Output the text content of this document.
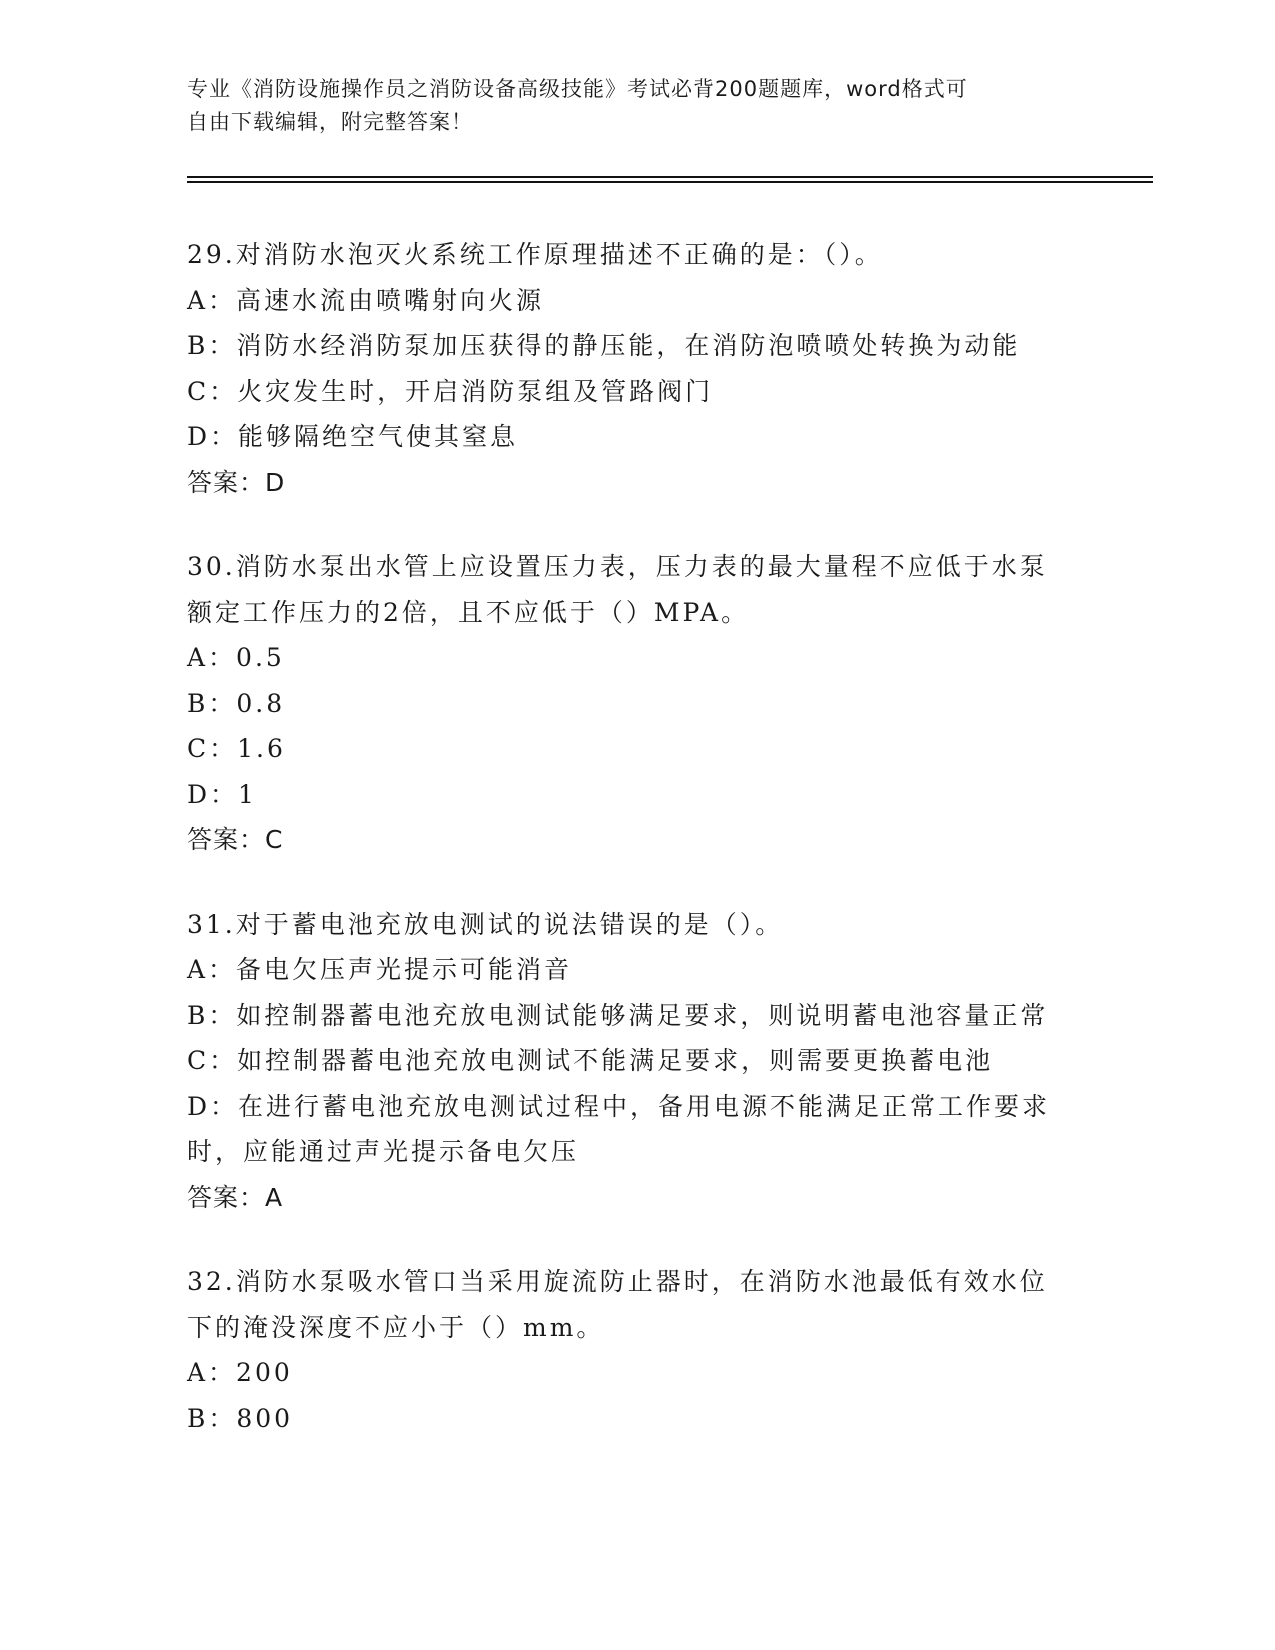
专业《消防设施操作员之消防设备高级技能》考试必背200题题库，word格式可
自由下载编辑，附完整答案！
29.对消防水泡灭火系统工作原理描述不正确的是：（）。
A：高速水流由喷嘴射向火源
B：消防水经消防泵加压获得的静压能，在消防泡喷喷处转换为动能
C：火灾发生时，开启消防泵组及管路阀门
D：能够隔绝空气使其窒息
答案：D
30.消防水泵出水管上应设置压力表，压力表的最大量程不应低于水泵
额定工作压力的2倍，且不应低于（）MPA。
A：0.5
B：0.8
C：1.6
D：1
答案：C
31.对于蓄电池充放电测试的说法错误的是（）。
A：备电欠压声光提示可能消音
B：如控制器蓄电池充放电测试能够满足要求，则说明蓄电池容量正常
C：如控制器蓄电池充放电测试不能满足要求，则需要更换蓄电池
D：在进行蓄电池充放电测试过程中，备用电源不能满足正常工作要求
时，应能通过声光提示备电欠压
答案：A
32.消防水泵吸水管口当采用旋流防止器时，在消防水池最低有效水位
下的淹没深度不应小于（）mm。
A：200
B：800
